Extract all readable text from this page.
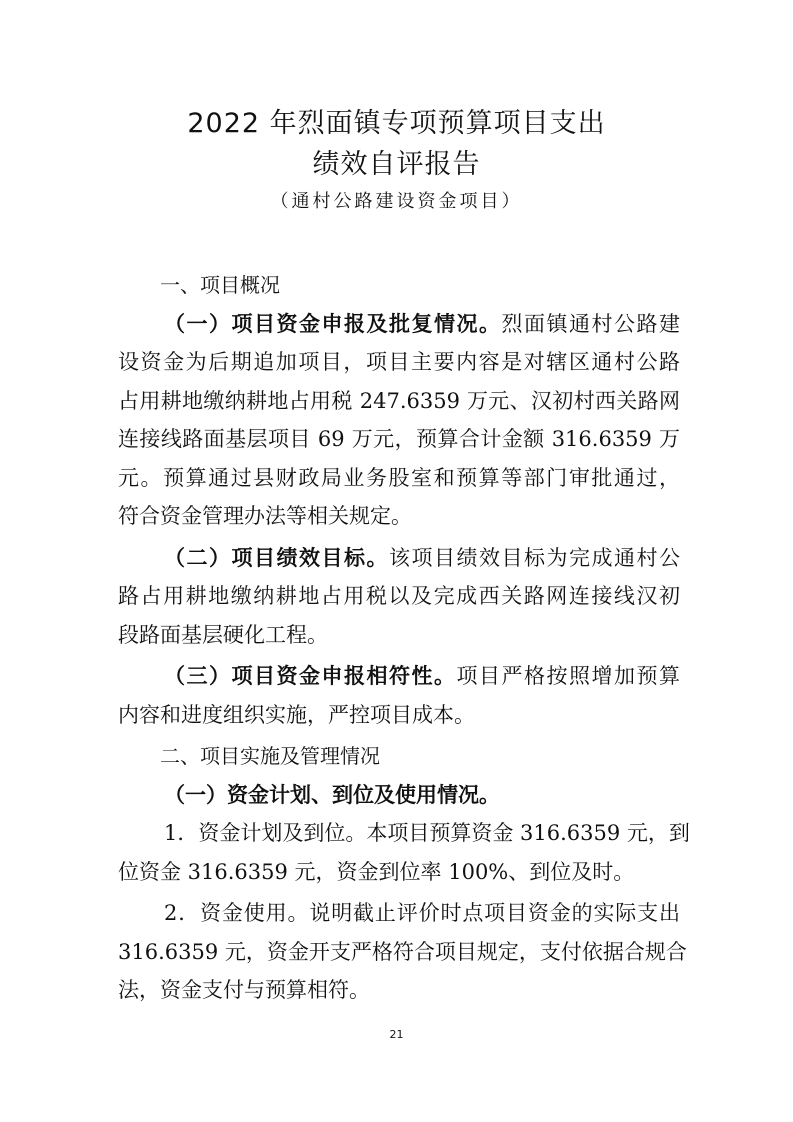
2022 年烈面镇专项预算项目支出
绩效自评报告
（通村公路建设资金项目）
一、项目概况
（一）项目资金申报及批复情况。烈面镇通村公路建
设资金为后期追加项目，项目主要内容是对辖区通村公路
占用耕地缴纳耕地占用税 247.6359 万元、汉初村西关路网
连接线路面基层项目 69 万元，预算合计金额 316.6359 万
元。预算通过县财政局业务股室和预算等部门审批通过，
符合资金管理办法等相关规定。
（二）项目绩效目标。该项目绩效目标为完成通村公
路占用耕地缴纳耕地占用税以及完成西关路网连接线汉初
段路面基层硬化工程。
（三）项目资金申报相符性。项目严格按照增加预算
内容和进度组织实施，严控项目成本。
二、项目实施及管理情况
（一）资金计划、到位及使用情况。
1．资金计划及到位。本项目预算资金 316.6359 元，到
位资金 316.6359 元，资金到位率 100%、到位及时。
2．资金使用。说明截止评价时点项目资金的实际支出
316.6359 元，资金开支严格符合项目规定，支付依据合规合
法，资金支付与预算相符。
21
